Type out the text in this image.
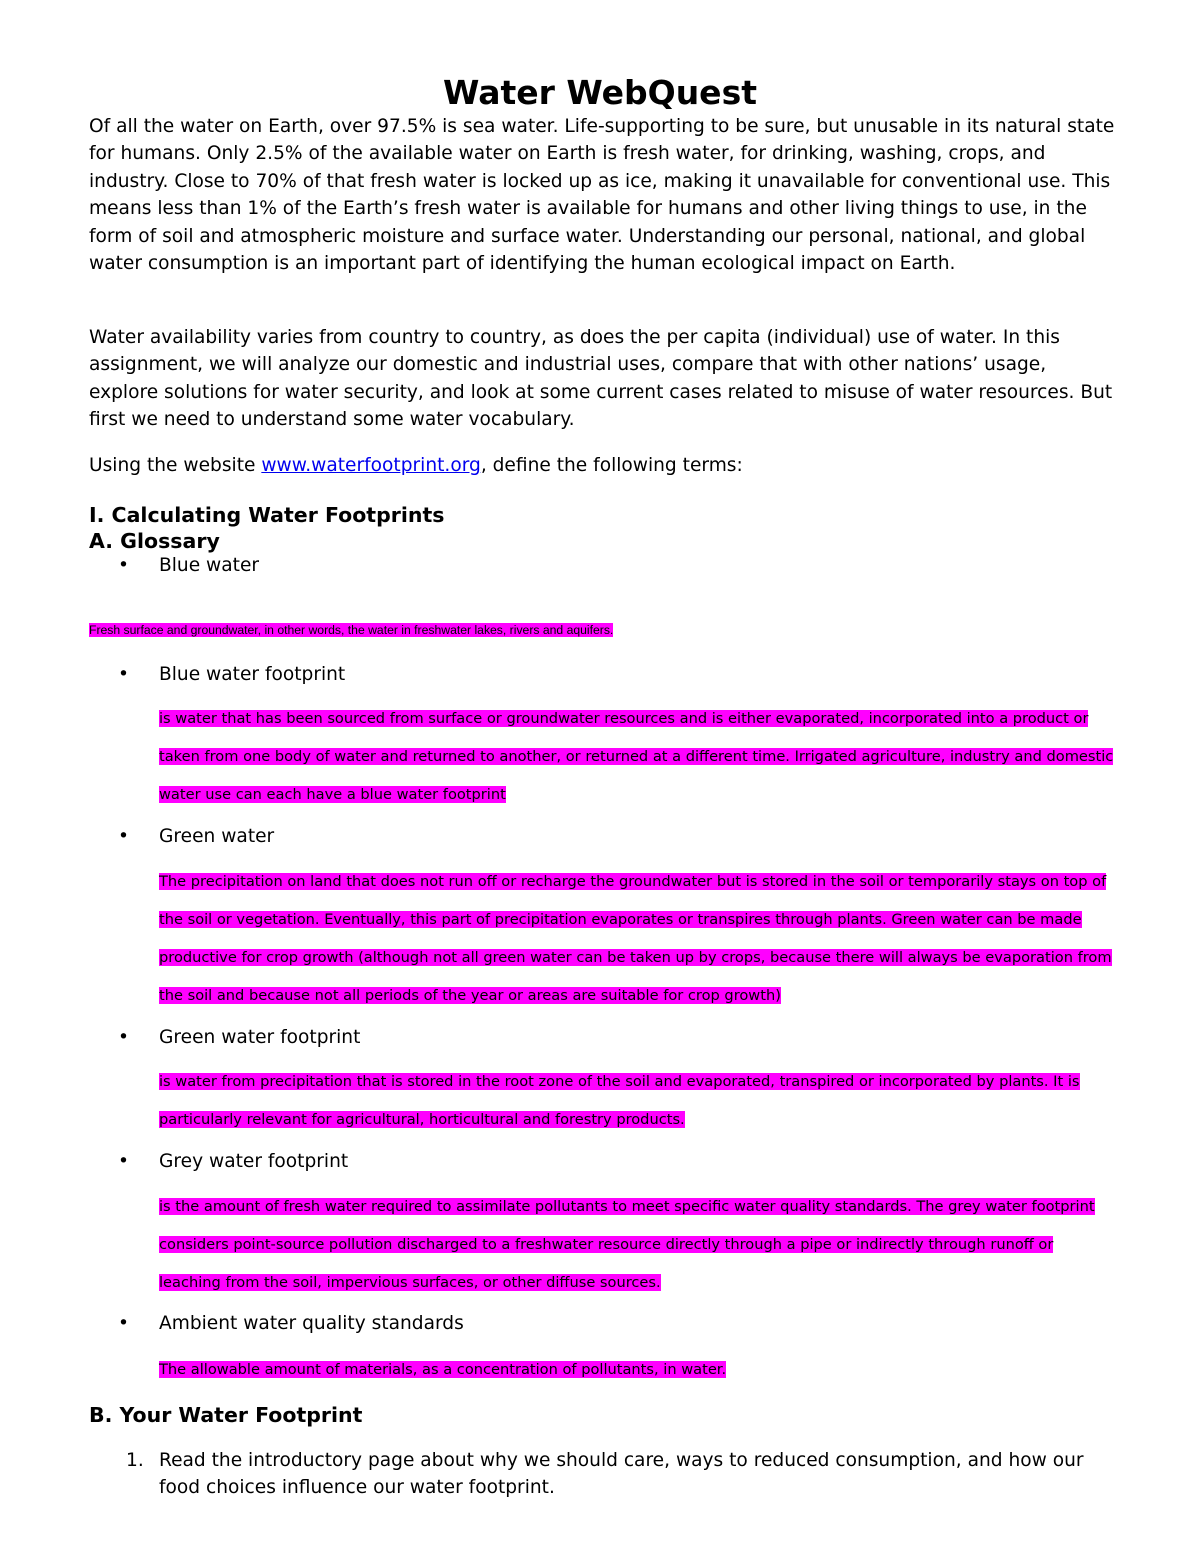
Water WebQuest

Of all the water on Earth, over 97.5% is sea water. Life-supporting to be sure, but unusable in its natural state for humans. Only 2.5% of the available water on Earth is fresh water, for drinking, washing, crops, and industry. Close to 70% of that fresh water is locked up as ice, making it unavailable for conventional use. This means less than 1% of the Earth’s fresh water is available for humans and other living things to use, in the form of soil and atmospheric moisture and surface water. Understanding our personal, national, and global water consumption is an important part of identifying the human ecological impact on Earth.

Water availability varies from country to country, as does the per capita (individual) use of water. In this assignment, we will analyze our domestic and industrial uses, compare that with other nations’ usage, explore solutions for water security, and look at some current cases related to misuse of water resources. But first we need to understand some water vocabulary.

Using the website www.waterfootprint.org, define the following terms:

I. Calculating Water Footprints
A. Glossary

• Blue water

Fresh surface and groundwater, in other words, the water in freshwater lakes, rivers and aquifers.

• Blue water footprint

is water that has been sourced from surface or groundwater resources and is either evaporated, incorporated into a product or taken from one body of water and returned to another, or returned at a different time. Irrigated agriculture, industry and domestic water use can each have a blue water footprint

• Green water

The precipitation on land that does not run off or recharge the groundwater but is stored in the soil or temporarily stays on top of the soil or vegetation. Eventually, this part of precipitation evaporates or transpires through plants. Green water can be made productive for crop growth (although not all green water can be taken up by crops, because there will always be evaporation from the soil and because not all periods of the year or areas are suitable for crop growth)

• Green water footprint

is water from precipitation that is stored in the root zone of the soil and evaporated, transpired or incorporated by plants. It is particularly relevant for agricultural, horticultural and forestry products.

• Grey water footprint

is the amount of fresh water required to assimilate pollutants to meet specific water quality standards. The grey water footprint considers point-source pollution discharged to a freshwater resource directly through a pipe or indirectly through runoff or leaching from the soil, impervious surfaces, or other diffuse sources.

• Ambient water quality standards

The allowable amount of materials, as a concentration of pollutants, in water.

B. Your Water Footprint
1. Read the introductory page about why we should care, ways to reduced consumption, and how our food choices influence our water footprint.
